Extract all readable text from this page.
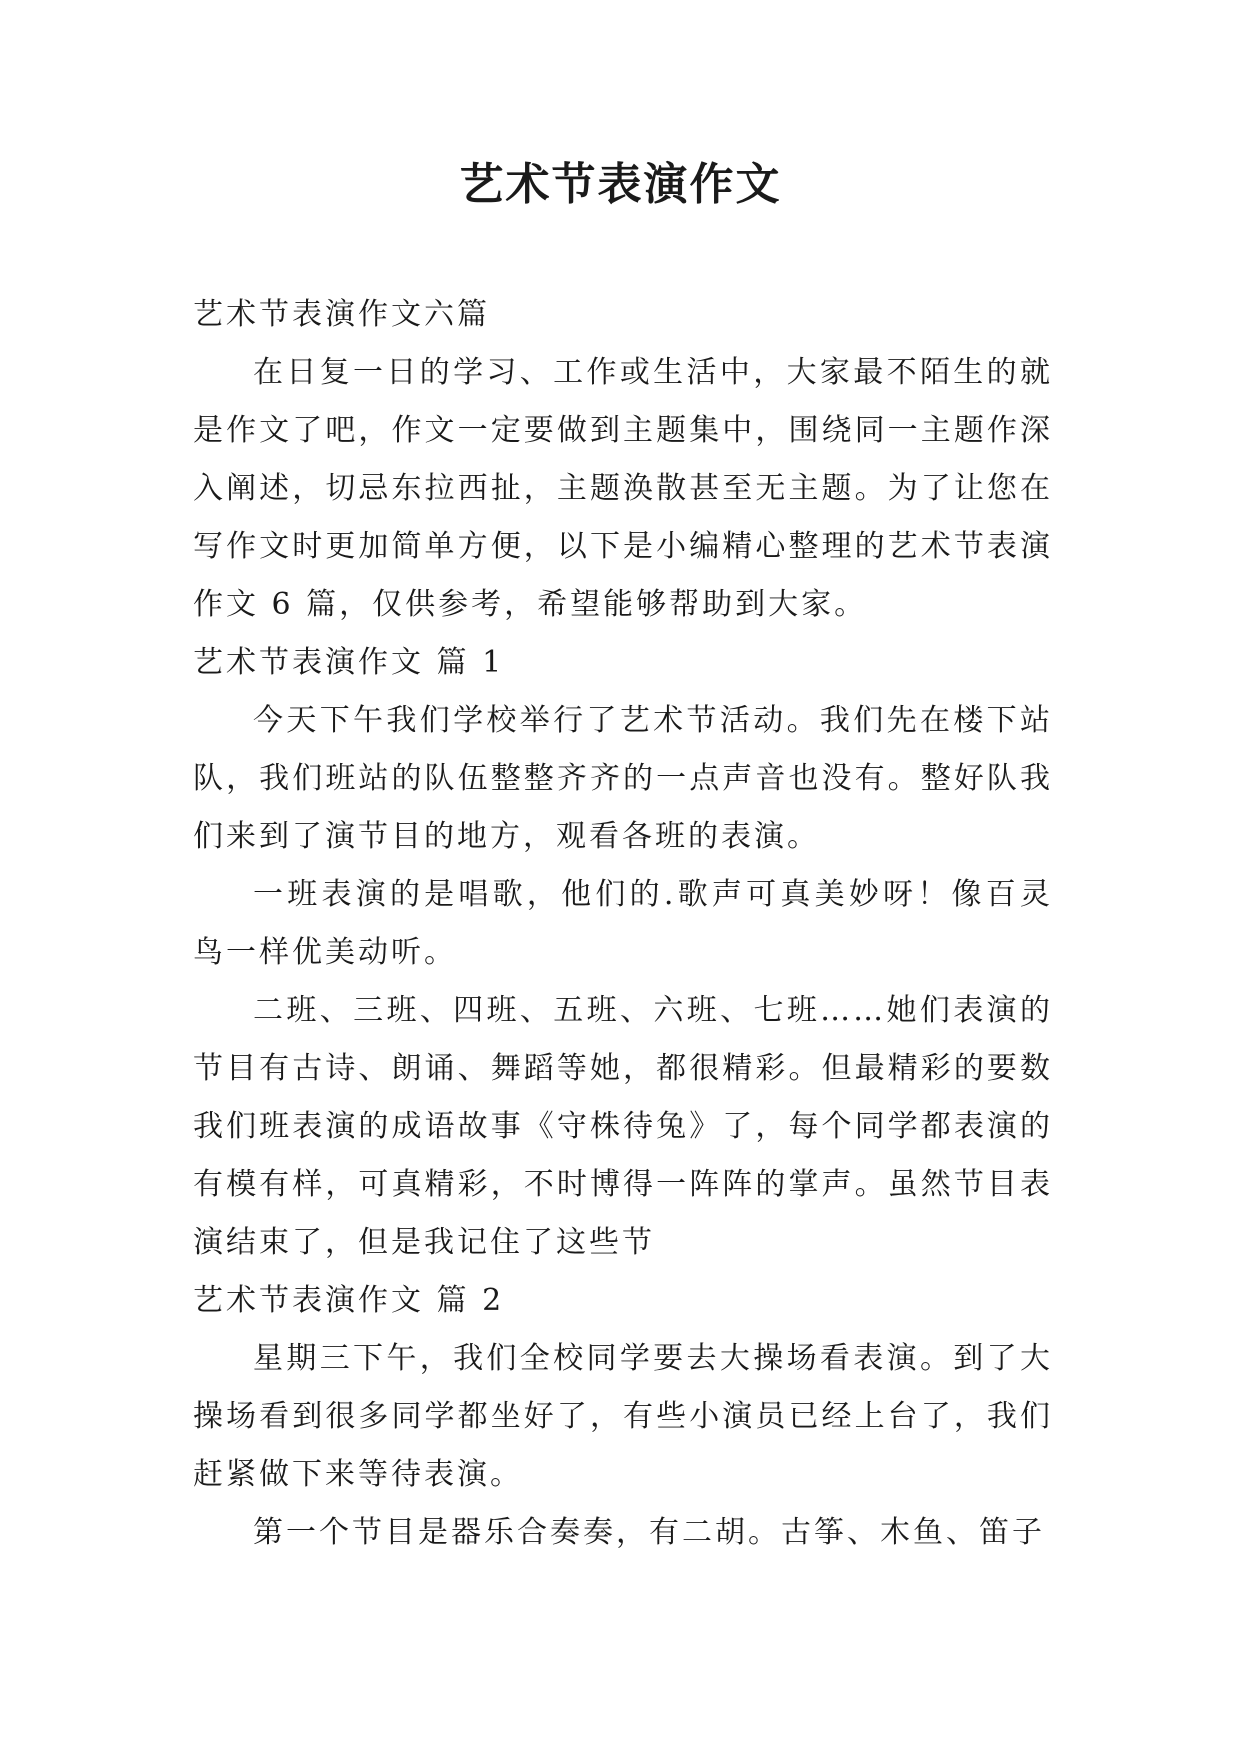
艺术节表演作文

艺术节表演作文六篇

在日复一日的学习、工作或生活中，大家最不陌生的就是作文了吧，作文一定要做到主题集中，围绕同一主题作深入阐述，切忌东拉西扯，主题涣散甚至无主题。为了让您在写作文时更加简单方便，以下是小编精心整理的艺术节表演作文 6 篇，仅供参考，希望能够帮助到大家。

艺术节表演作文 篇 1

今天下午我们学校举行了艺术节活动。我们先在楼下站队，我们班站的队伍整整齐齐的一点声音也没有。整好队我们来到了演节目的地方，观看各班的表演。

一班表演的是唱歌，他们的.歌声可真美妙呀！像百灵鸟一样优美动听。

二班、三班、四班、五班、六班、七班……她们表演的节目有古诗、朗诵、舞蹈等她，都很精彩。但最精彩的要数我们班表演的成语故事《守株待兔》了，每个同学都表演的有模有样，可真精彩，不时博得一阵阵的掌声。虽然节目表演结束了，但是我记住了这些节

艺术节表演作文 篇 2

星期三下午，我们全校同学要去大操场看表演。到了大操场看到很多同学都坐好了，有些小演员已经上台了，我们赶紧做下来等待表演。

第一个节目是器乐合奏奏，有二胡。古筝、木鱼、笛子
